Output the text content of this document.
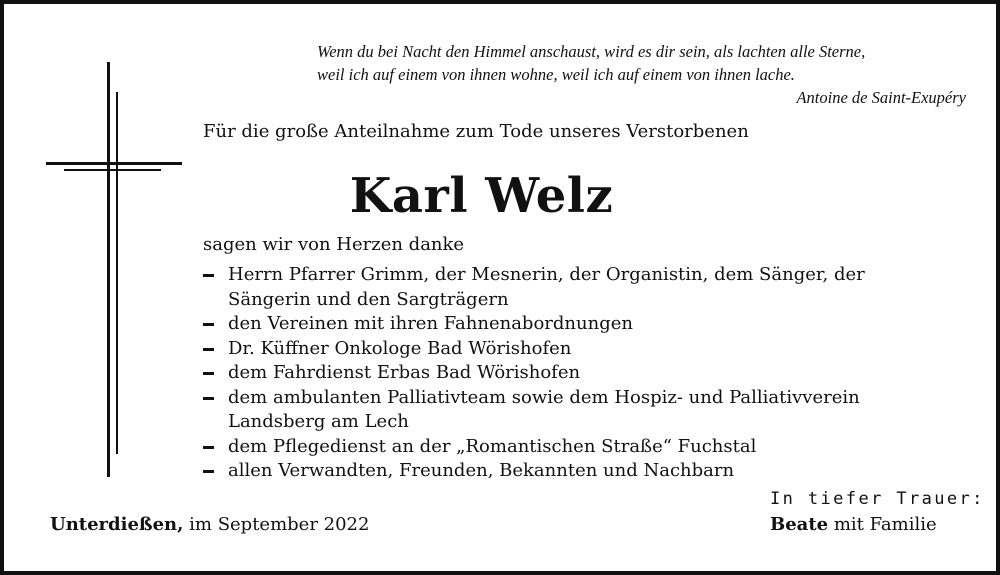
Wenn du bei Nacht den Himmel anschaust, wird es dir sein, als lachten alle Sterne,
weil ich auf einem von ihnen wohne, weil ich auf einem von ihnen lache.
Antoine de Saint-Exupéry
Für die große Anteilnahme zum Tode unseres Verstorbenen
Karl Welz
sagen wir von Herzen danke
Herrn Pfarrer Grimm, der Mesnerin, der Organistin, dem Sänger, der Sängerin und den Sargträgern
den Vereinen mit ihren Fahnenabordnungen
Dr. Küffner Onkologe Bad Wörishofen
dem Fahrdienst Erbas Bad Wörishofen
dem ambulanten Palliativteam sowie dem Hospiz- und Palliativverein Landsberg am Lech
dem Pflegedienst an der „Romantischen Straße“ Fuchstal
allen Verwandten, Freunden, Bekannten und Nachbarn
Unterdießen, im September 2022
In tiefer Trauer:
Beate mit Familie
